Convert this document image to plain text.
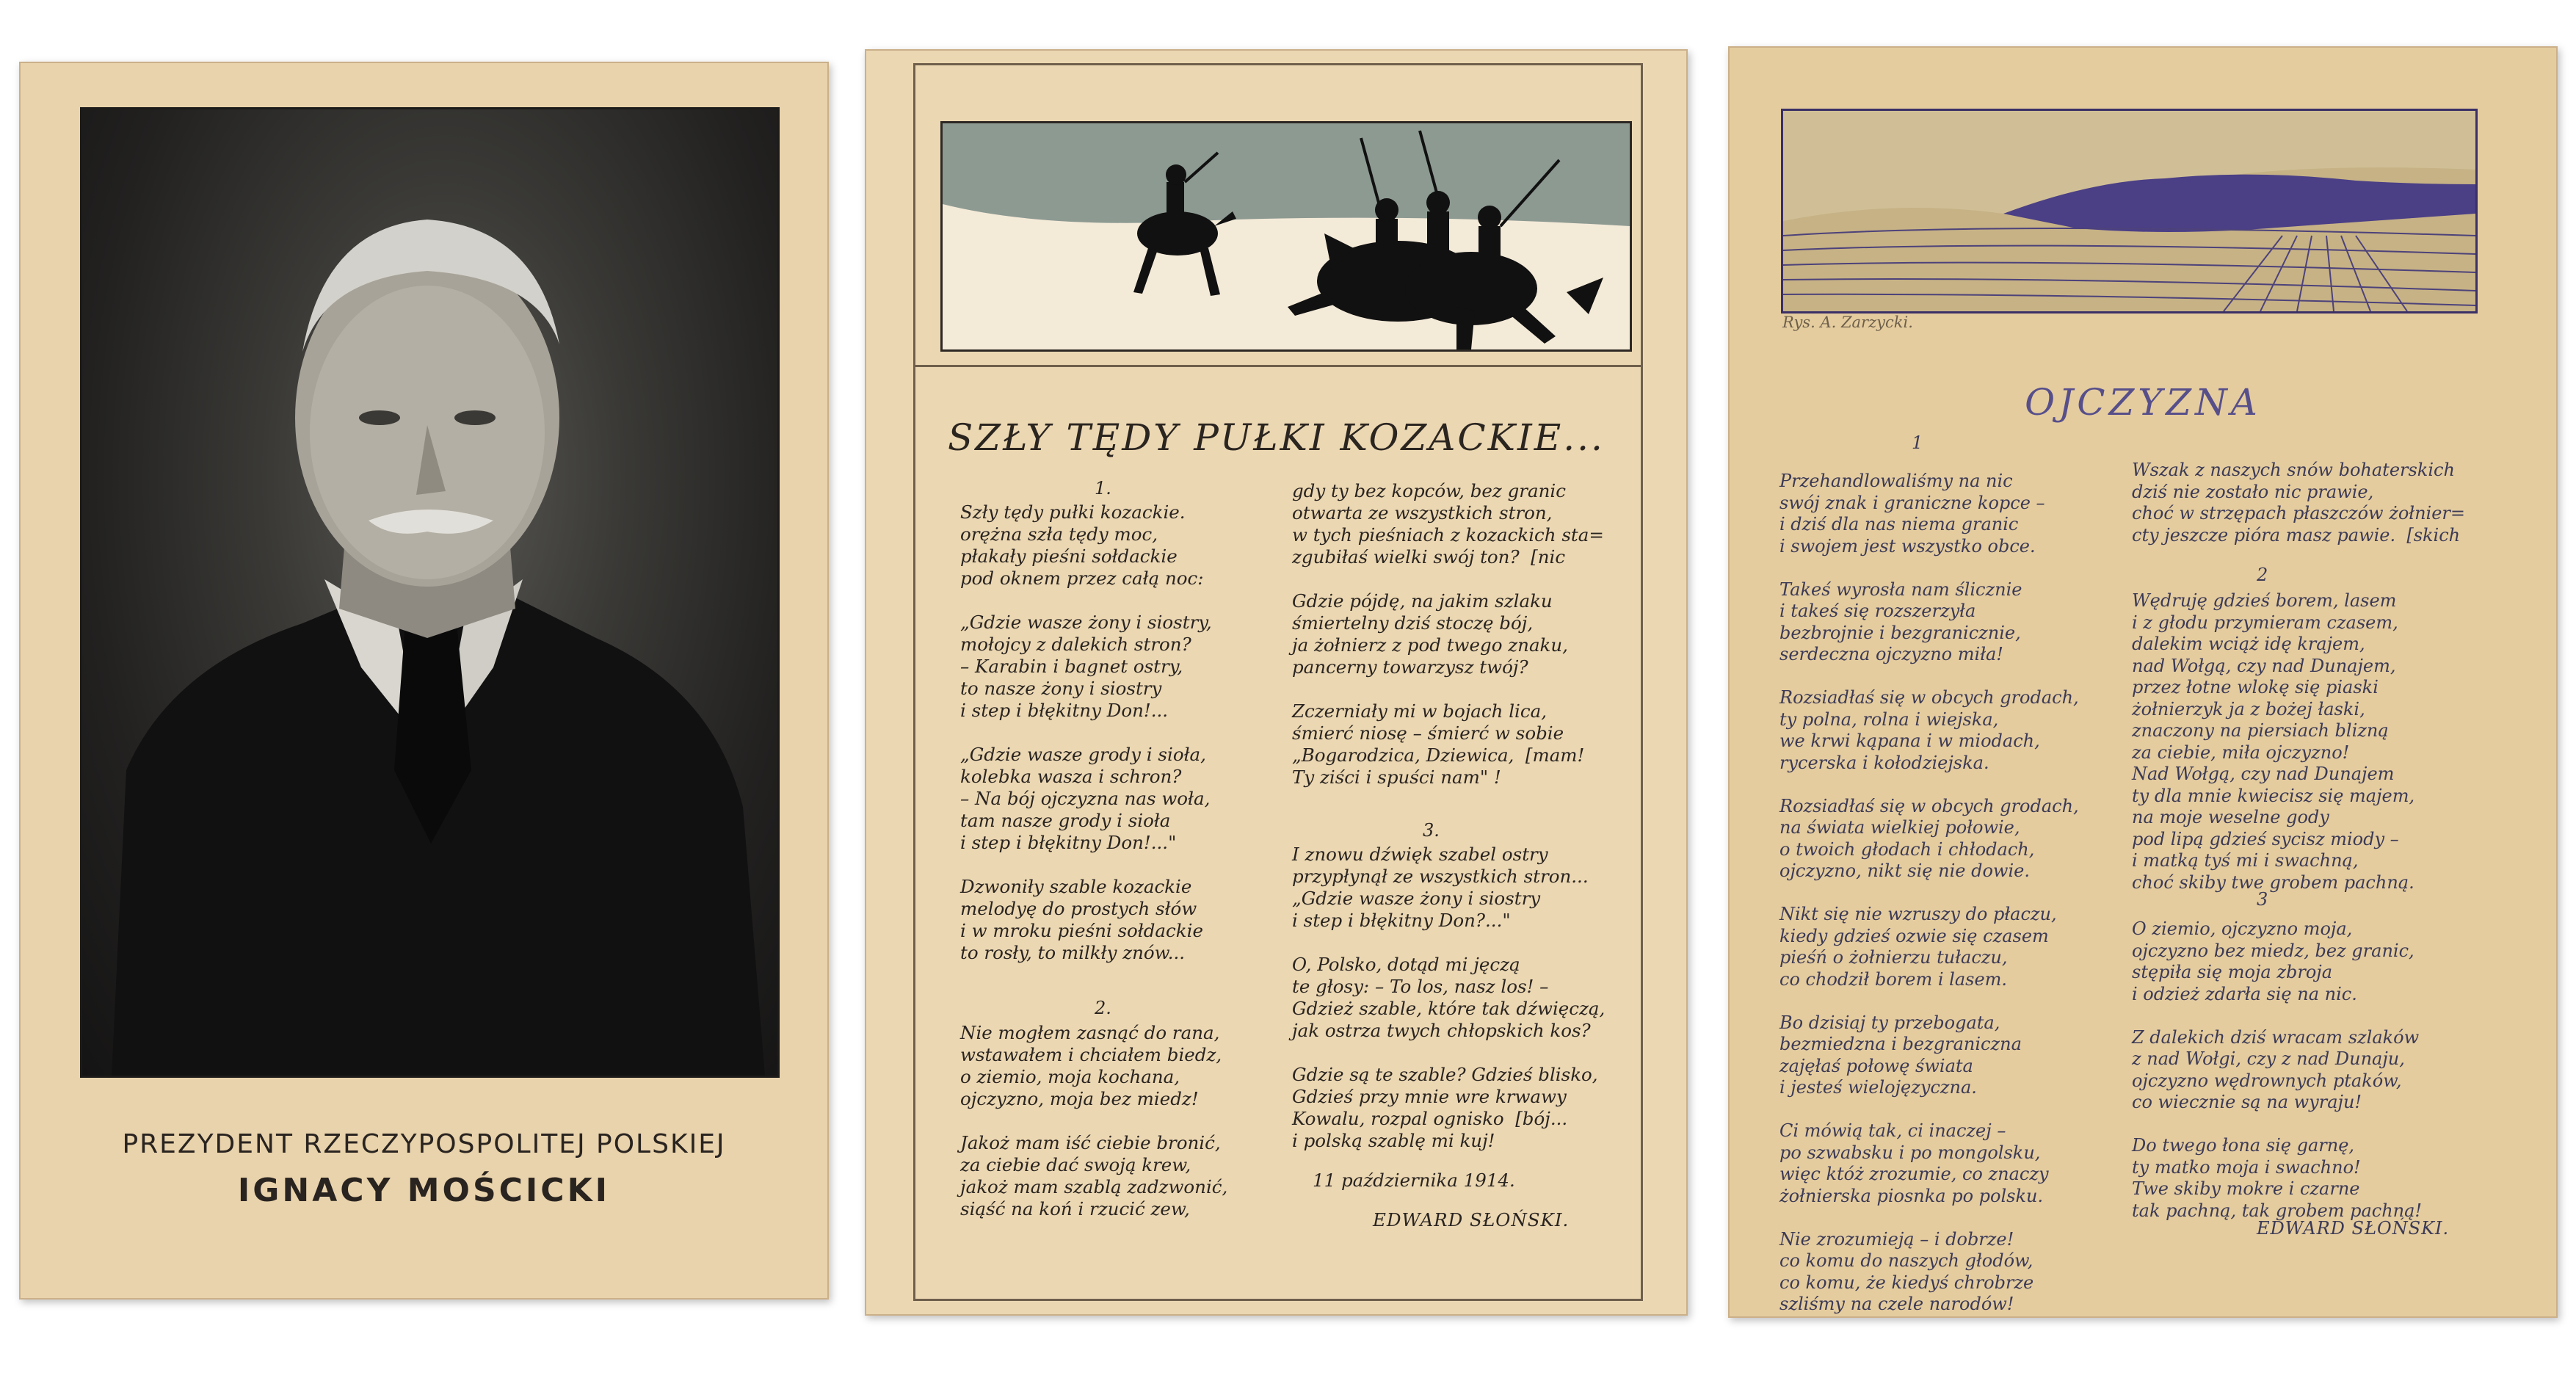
PREZYDENT RZECZYPOSPOLITEJ POLSKIEJ
IGNACY MOŚCICKI
SZŁY TĘDY PUŁKI KOZACKIE...
1.
Szły tędy pułki kozackie.
orężna szła tędy moc,
płakały pieśni sołdackie
pod oknem przez całą noc:

„Gdzie wasze żony i siostry,
mołojcy z dalekich stron?
– Karabin i bagnet ostry,
to nasze żony i siostry
i step i błękitny Don!...

„Gdzie wasze grody i sioła,
kolebka wasza i schron?
– Na bój ojczyzna nas woła,
tam nasze grody i sioła
i step i błękitny Don!..."

Dzwoniły szable kozackie
melodyę do prostych słów
i w mroku pieśni sołdackie
to rosły, to milkły znów...
2.
Nie mogłem zasnąć do rana,
wstawałem i chciałem biedz,
o ziemio, moja kochana,
ojczyzno, moja bez miedz!

Jakoż mam iść ciebie bronić,
za ciebie dać swoją krew,
jakoż mam szablą zadzwonić,
siąść na koń i rzucić zew,
gdy ty bez kopców, bez granic
otwarta ze wszystkich stron,
w tych pieśniach z kozackich sta=
zgubiłaś wielki swój ton?  [nic

Gdzie pójdę, na jakim szlaku
śmiertelny dziś stoczę bój,
ja żołnierz z pod twego znaku,
pancerny towarzysz twój?

Zczerniały mi w bojach lica,
śmierć niosę – śmierć w sobie
„Bogarodzica, Dziewica,  [mam!
Ty ziści i spuści nam" !
3.
I znowu dźwięk szabel ostry
przypłynął ze wszystkich stron...
„Gdzie wasze żony i siostry
i step i błękitny Don?..."

O, Polsko, dotąd mi jęczą
te głosy: – To los, nasz los! –
Gdzież szable, które tak dźwięczą,
jak ostrza twych chłopskich kos?

Gdzie są te szable? Gdzieś blisko,
Gdzieś przy mnie wre krwawy
Kowalu, rozpal ognisko  [bój...
i polską szablę mi kuj!
11 października 1914.
EDWARD SŁOŃSKI.
Rys. A. Zarzycki.
OJCZYZNA
1
Przehandlowaliśmy na nic
swój znak i graniczne kopce –
i dziś dla nas niema granic
i swojem jest wszystko obce.

Takeś wyrosła nam ślicznie
i takeś się rozszerzyła
bezbrojnie i bezgranicznie,
serdeczna ojczyzno miła!

Rozsiadłaś się w obcych grodach,
ty polna, rolna i wiejska,
we krwi kąpana i w miodach,
rycerska i kołodziejska.

Rozsiadłaś się w obcych grodach,
na świata wielkiej połowie,
o twoich głodach i chłodach,
ojczyzno, nikt się nie dowie.

Nikt się nie wzruszy do płaczu,
kiedy gdzieś ozwie się czasem
pieśń o żołnierzu tułaczu,
co chodził borem i lasem.

Bo dzisiaj ty przebogata,
bezmiedzna i bezgraniczna
zajęłaś połowę świata
i jesteś wielojęzyczna.

Ci mówią tak, ci inaczej –
po szwabsku i po mongolsku,
więc któż zrozumie, co znaczy
żołnierska piosnka po polsku.

Nie zrozumieją – i dobrze!
co komu do naszych głodów,
co komu, że kiedyś chrobrze
szliśmy na czele narodów!
Wszak z naszych snów bohaterskich
dziś nie zostało nic prawie,
choć w strzępach płaszczów żołnier=
cty jeszcze pióra masz pawie.  [skich
2
Wędruję gdzieś borem, lasem
i z głodu przymieram czasem,
dalekim wciąż idę krajem,
nad Wołgą, czy nad Dunajem,
przez łotne wlokę się piaski
żołnierzyk ja z bożej łaski,
znaczony na piersiach blizną
za ciebie, miła ojczyzno!
Nad Wołgą, czy nad Dunajem
ty dla mnie kwiecisz się majem,
na moje weselne gody
pod lipą gdzieś sycisz miody –
i matką tyś mi i swachną,
choć skiby twe grobem pachną.
3
O ziemio, ojczyzno moja,
ojczyzno bez miedz, bez granic,
stępiła się moja zbroja
i odzież zdarła się na nic.

Z dalekich dziś wracam szlaków
z nad Wołgi, czy z nad Dunaju,
ojczyzno wędrownych ptaków,
co wiecznie są na wyraju!

Do twego łona się garnę,
ty matko moja i swachno!
Twe skiby mokre i czarne
tak pachną, tak grobem pachną!
EDWARD SŁOŃSKI.
